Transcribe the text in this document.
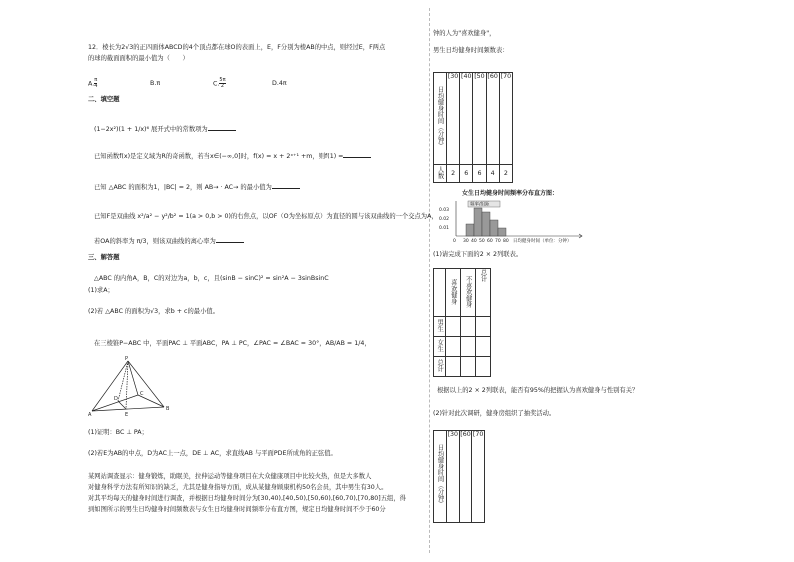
12．棱长为2√3的正四面体ABCD的4个顶点都在球O的表面上，E，F分别为棱AB的中点，则经过E，F两点
的球的截面面积的最小值为（　　）
A. $\frac{\pi}{4}$	B.π	C. $\frac{5\pi}{2}$	D.4π
二、填空题
(1−2x²)(1 + 1/x)⁶ 展开式中的常数项为
已知函数f(x)是定义域为R的奇函数，若当x∈(−∞,0]时，f(x) = x + 2ˣ⁺¹ +m，则f(1) =
已知 △ABC 的面积为1，|BC| = 2，则 AB→ · AC→ 的最小值为
已知F是双曲线 x²/a² − y²/b² = 1(a > 0,b > 0)的右焦点，以OF（O为坐标原点）为直径的圆与该双曲线的一个交点为A，
若OA的斜率为 π/3，则该双曲线的离心率为
三、解答题
△ABC 的内角A，B，C的对边为a，b，c，且(sinB − sinC)² = sin²A − 3sinBsinC
(1)求A；
(2)若 △ABC 的面积为√3，求b + c的最小值。
在三棱锥P−ABC 中，平面PAC ⊥ 平面ABC，PA ⊥ PC，∠PAC = ∠BAC = 30°，AB/AB = 1/4，
P
A
B
C
D
E
(1)证明：BC ⊥ PA；
(2)若E为AB的中点，D为AC上一点，DE ⊥ AC，求直线AB 与平面PDE所成角的正弦值。
某网站调查显示：健身锻炼，助眠美，拉伸运动等健身项目在大众健康项目中比较火热，但是大多数人
对健身科学方法有所知识的缺乏，尤其是健身指导方面，成从某健身顾康机构50名会员，其中男生有30人。
对其平均每天的健身时间进行调查，并根据日均健身时间分为[30,40),[40,50),[50,60),[60,70),[70,80]五组，得
到如图所示的男生日均健身时间频数表与女生日均健身时间频率分布直方图，规定日均健身时间不少于60分
钟的人为"喜欢健身"，
男生日均健身时间频数表：
日均健身时间（分钟）	[30	[40	[50	[60	[70
人数	2	6	6	4	2
女生日均健身时间频率分布直方图：
频率/组距
0.03
0.02
0.01
0 30 40 50 60 70 80 日均健身时间（单位：分钟）
(1)请完成下面的2 × 2列联表。
	喜欢健身	不喜欢健身	总计
男生			
女生			
总计			
根据以上的2 × 2列联表，能否有95%的把握认为喜欢健身与性别有关？
(2)针对此次调研，健身房组织了抽奖活动。
日均健身时间（分钟）	[30	[60	[70
